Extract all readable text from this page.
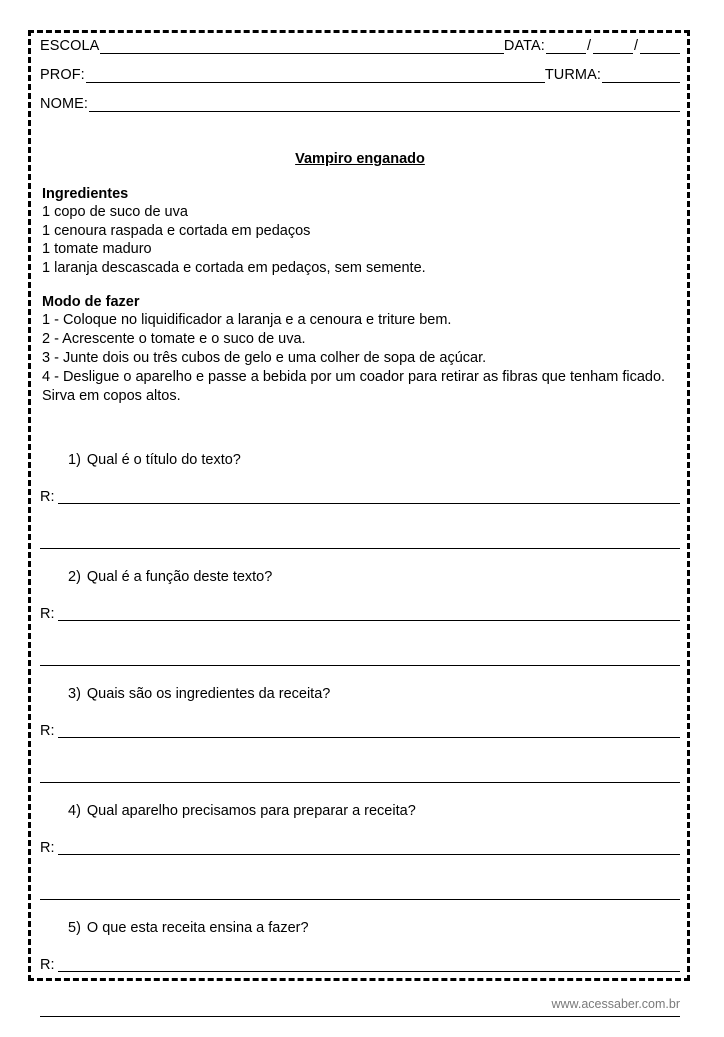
ESCOLA	DATA:	/	/
PROF:	TURMA:
NOME:
Vampiro enganado
Ingredientes
1 copo de suco de uva
1 cenoura raspada e cortada em pedaços
1 tomate maduro
1 laranja descascada e cortada em pedaços, sem semente.
Modo de fazer
1 - Coloque no liquidificador a laranja e a cenoura e triture bem.
2 - Acrescente o tomate e o suco de uva.
3 - Junte dois ou três cubos de gelo e uma colher de sopa de açúcar.
4 - Desligue o aparelho e passe a bebida por um coador para retirar as fibras que tenham ficado.
Sirva em copos altos.
1) Qual é o título do texto?
R:
2) Qual é a função deste texto?
R:
3) Quais são os ingredientes da receita?
R:
4) Qual aparelho precisamos para preparar a receita?
R:
5) O que esta receita ensina a fazer?
R:
www.acessaber.com.br
